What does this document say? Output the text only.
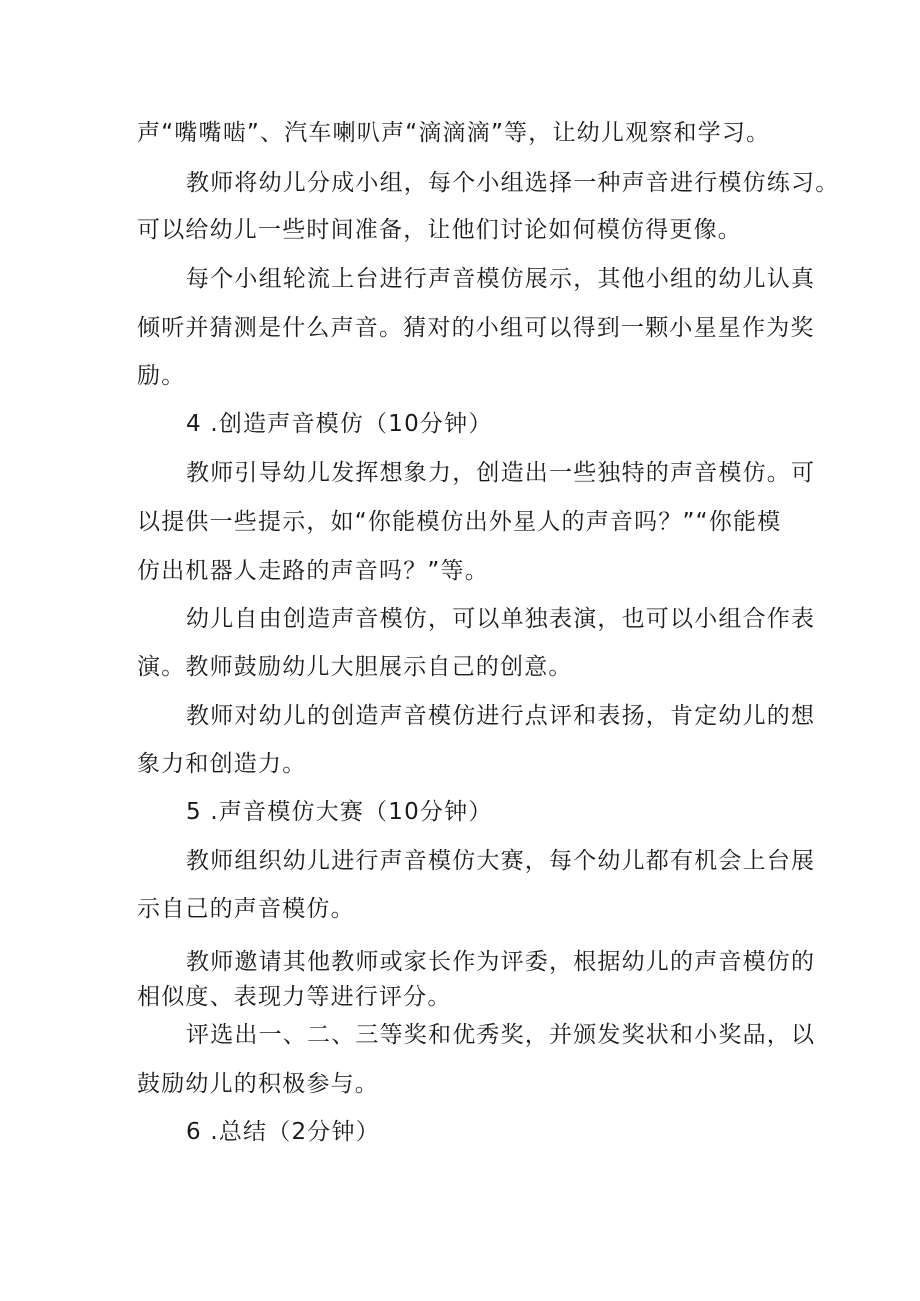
声“嘴嘴啮”、汽车喇叭声“滴滴滴”等，让幼儿观察和学习。
教师将幼儿分成小组，每个小组选择一种声音进行模仿练习。
可以给幼儿一些时间准备，让他们讨论如何模仿得更像。
每个小组轮流上台进行声音模仿展示，其他小组的幼儿认真
倾听并猜测是什么声音。猜对的小组可以得到一颗小星星作为奖
励。
4 .创造声音模仿（10分钟）
教师引导幼儿发挥想象力，创造出一些独特的声音模仿。可
以提供一些提示，如“你能模仿出外星人的声音吗？”“你能模
仿出机器人走路的声音吗？”等。
幼儿自由创造声音模仿，可以单独表演，也可以小组合作表
演。教师鼓励幼儿大胆展示自己的创意。
教师对幼儿的创造声音模仿进行点评和表扬，肯定幼儿的想
象力和创造力。
5 .声音模仿大赛（10分钟）
教师组织幼儿进行声音模仿大赛，每个幼儿都有机会上台展
示自己的声音模仿。
教师邀请其他教师或家长作为评委，根据幼儿的声音模仿的
相似度、表现力等进行评分。
评选出一、二、三等奖和优秀奖，并颁发奖状和小奖品，以
鼓励幼儿的积极参与。
6 .总结（2分钟）
